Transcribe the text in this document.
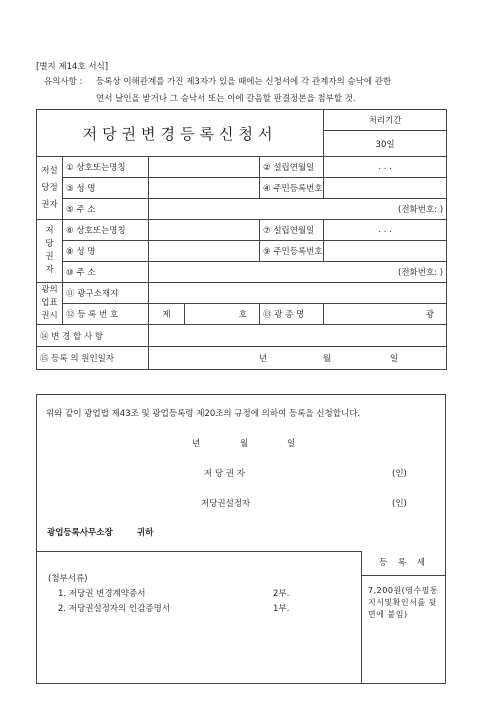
[별지 제14호 서식]
유의사항 : 등록상 이해관계를 가진 제3자가 있을 때에는 신청서에 각 관계자의 승낙에 관한
연서 날인을 받거나 그 승낙서 또는 이에 갈음할 판결정본을 첨부할 것.
저당권변경등록신청서					처리기간
					30일

저설
당정
권자	① 상호또는명칭			② 설립연월일	. . .
	③ 성 명			④ 주민등록번호	
	⑤ 주 소	(전화번호: )			

저
당
권
자	⑥ 상호또는명칭			⑦ 설립연월일	. . .
	⑧ 성 명			⑨ 주민등록번호	
	⑩ 주 소	(전화번호: )			

광의
업표
권시	⑪ 광구소재지				
	⑫ 등 록 번 호	제	호	⑬ 광 종 명	광
⑭ 변 경 할 사 항					
⑮ 등록 의 원인일자		년 월 일			
위와 같이 광업법 제43조 및 광업등록령 제20조의 규정에 의하여 등록을 신청합니다.
년	월	일
저 당 권 자	(인)
저당권설정자	(인)
광업등록사무소장	귀하
(첨부서류)
1. 저당권 변경계약증서	2부.
2. 저당권설정자의 인감증명서	1부.
등 록 세
7,200원(영수필통지서및확인서를 뒷면에 붙임)
